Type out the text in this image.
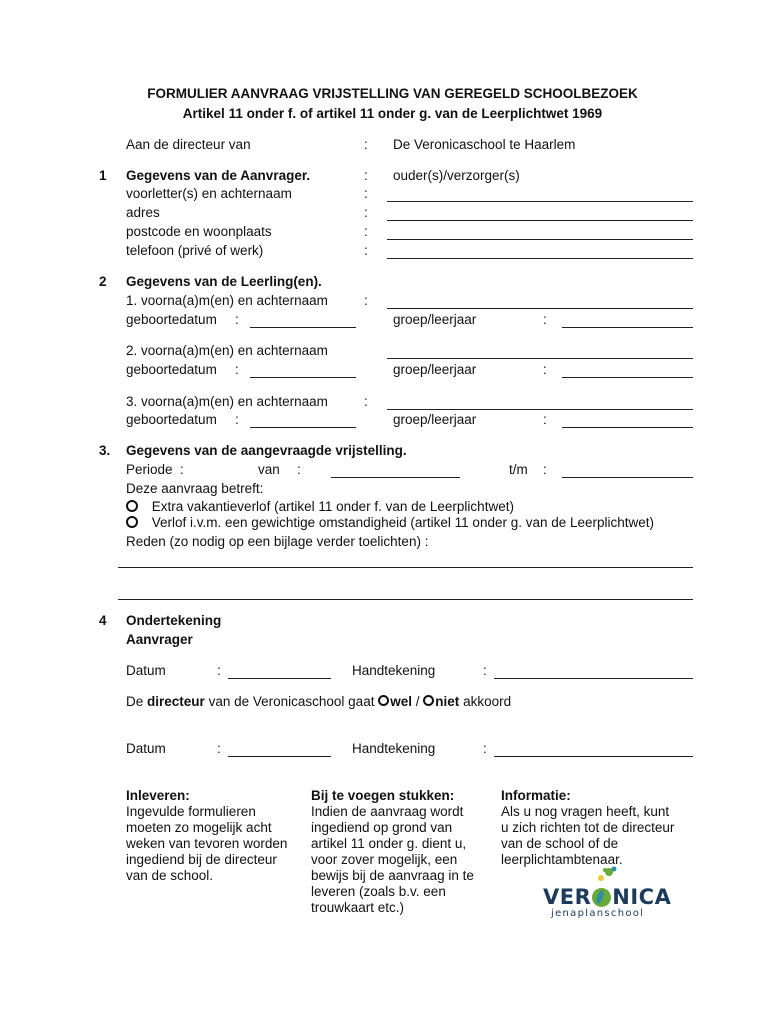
FORMULIER AANVRAAG VRIJSTELLING VAN GEREGELD SCHOOLBEZOEK
Artikel 11 onder f. of artikel 11 onder g. van de Leerplichtwet 1969
Aan de directeur van	: De Veronicaschool te Haarlem
1 Gegevens van de Aanvrager.	: ouder(s)/verzorger(s)
voorletter(s) en achternaam	:
adres	:
postcode en woonplaats	:
telefoon (privé of werk)	:
2 Gegevens van de Leerling(en).
1. voorna(a)m(en) en achternaam	:
geboortedatum :	groep/leerjaar	:
2. voorna(a)m(en) en achternaam
geboortedatum :	groep/leerjaar	:
3. voorna(a)m(en) en achternaam	:
geboortedatum :	groep/leerjaar	:
3. Gegevens van de aangevraagde vrijstelling.
Periode :	van :	t/m :
Deze aanvraag betreft:
Extra vakantieverlof (artikel 11 onder f. van de Leerplichtwet)
Verlof i.v.m. een gewichtige omstandigheid (artikel 11 onder g. van de Leerplichtwet)
Reden (zo nodig op een bijlage verder toelichten) :
4 Ondertekening
Aanvrager
Datum	:	Handtekening	:
De directeur van de Veronicaschool gaat wel / niet akkoord
Datum	:	Handtekening	:
Inleveren:
Ingevulde formulieren
moeten zo mogelijk acht
weken van tevoren worden
ingediend bij de directeur
van de school.
Bij te voegen stukken:
Indien de aanvraag wordt
ingediend op grond van
artikel 11 onder g. dient u,
voor zover mogelijk, een
bewijs bij de aanvraag in te
leveren (zoals b.v. een
trouwkaart etc.)
Informatie:
Als u nog vragen heeft, kunt
u zich richten tot de directeur
van de school of de
leerplichtambtenaar.
VER NICA
jenaplanschool
